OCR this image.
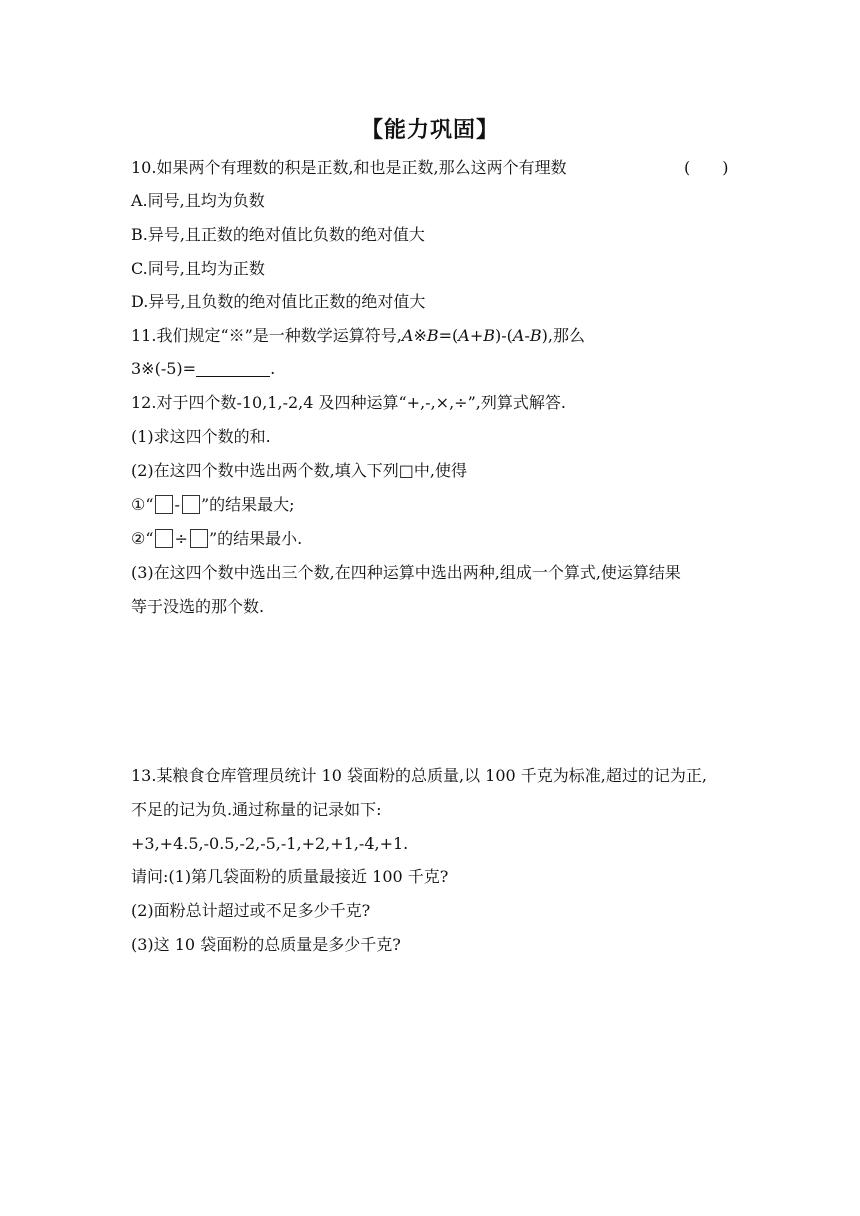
【能力巩固】
10.如果两个有理数的积是正数,和也是正数,那么这两个有理数	(　　)
A.同号,且均为负数
B.异号,且正数的绝对值比负数的绝对值大
C.同号,且均为正数
D.异号,且负数的绝对值比正数的绝对值大
11.我们规定“※”是一种数学运算符号,A※B=(A+B)-(A-B),那么
3※(-5)=	.
12.对于四个数-10,1,-2,4 及四种运算“+,-,×,÷”,列算式解答.
(1)求这四个数的和.
(2)在这四个数中选出两个数,填入下列□中,使得
①“ - ”的结果最大;
②“ ÷ ”的结果最小.
(3)在这四个数中选出三个数,在四种运算中选出两种,组成一个算式,使运算结果
等于没选的那个数.
13.某粮食仓库管理员统计 10 袋面粉的总质量,以 100 千克为标准,超过的记为正,
不足的记为负.通过称量的记录如下:
+3,+4.5,-0.5,-2,-5,-1,+2,+1,-4,+1.
请问:(1)第几袋面粉的质量最接近 100 千克?
(2)面粉总计超过或不足多少千克?
(3)这 10 袋面粉的总质量是多少千克?
